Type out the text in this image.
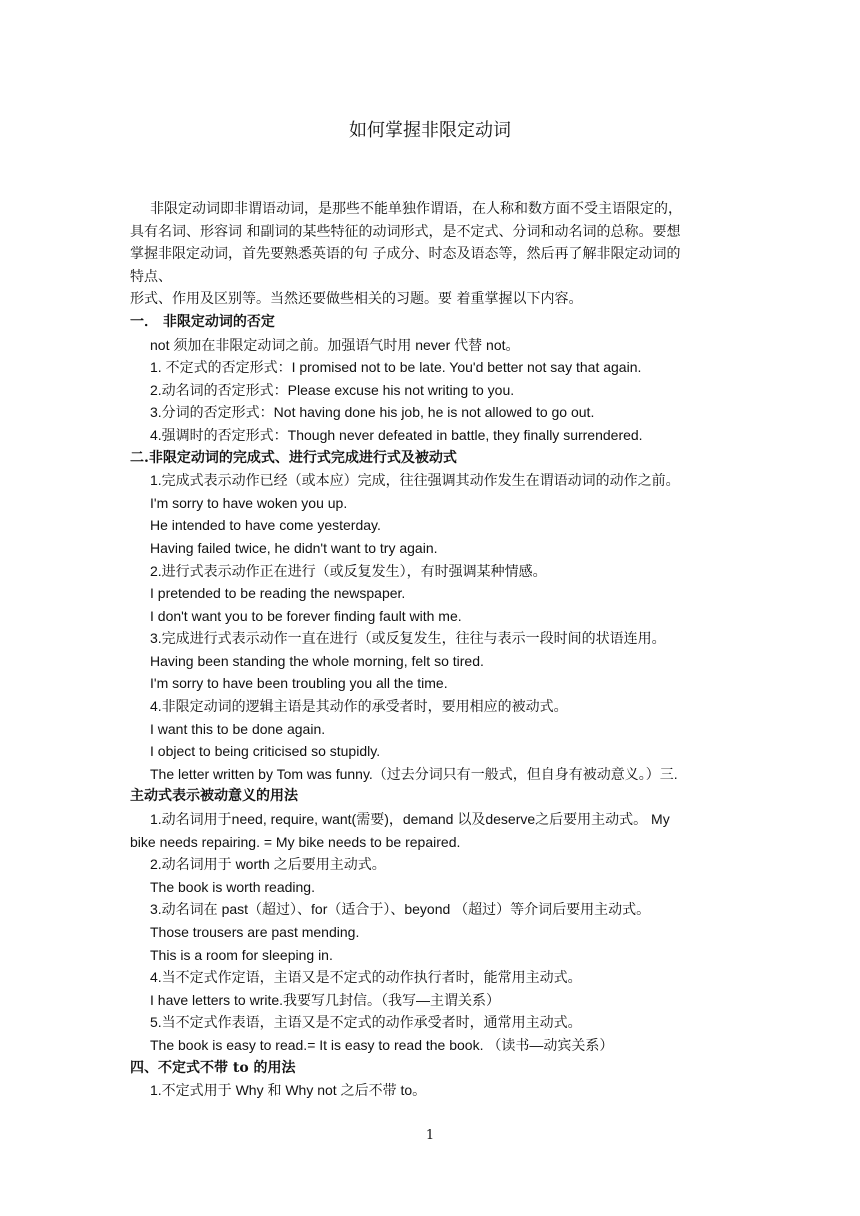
如何掌握非限定动词
非限定动词即非谓语动词，是那些不能单独作谓语，在人称和数方面不受主语限定的，
具有名词、形容词 和副词的某些特征的动词形式，是不定式、分词和动名词的总称。要想
掌握非限定动词，首先要熟悉英语的句 子成分、时态及语态等，然后再了解非限定动词的
特点、
形式、作用及区别等。当然还要做些相关的习题。要 着重掌握以下内容。
一． 非限定动词的否定
not 须加在非限定动词之前。加强语气时用 never 代替 not。
1. 不定式的否定形式：I promised not to be late. You'd better not say that again.
2.动名词的否定形式：Please excuse his not writing to you.
3.分词的否定形式：Not having done his job, he is not allowed to go out.
4.强调时的否定形式：Though never defeated in battle, they finally surrendered.
二.非限定动词的完成式、进行式完成进行式及被动式
1.完成式表示动作已经（或本应）完成，往往强调其动作发生在谓语动词的动作之前。
I'm sorry to have woken you up.
He intended to have come yesterday.
Having failed twice, he didn't want to try again.
2.进行式表示动作正在进行（或反复发生），有时强调某种情感。
I pretended to be reading the newspaper.
I don't want you to be forever finding fault with me.
3.完成进行式表示动作一直在进行（或反复发生，往往与表示一段时间的状语连用。
Having been standing the whole morning, felt so tired.
I'm sorry to have been troubling you all the time.
4.非限定动词的逻辑主语是其动作的承受者时，要用相应的被动式。
I want this to be done again.
I object to being criticised so stupidly.
The letter written by Tom was funny.（过去分词只有一般式，但自身有被动意义。）三.
主动式表示被动意义的用法
1.动名词用于need, require, want(需要)，demand 以及deserve之后要用主动式。 My
bike needs repairing. = My bike needs to be repaired.
2.动名词用于 worth 之后要用主动式。
The book is worth reading.
3.动名词在 past（超过）、for（适合于）、beyond （超过）等介词后要用主动式。
Those trousers are past mending.
This is a room for sleeping in.
4.当不定式作定语，主语又是不定式的动作执行者时，能常用主动式。
I have letters to write.我要写几封信。（我写—主谓关系）
5.当不定式作表语，主语又是不定式的动作承受者时，通常用主动式。
The book is easy to read.= It is easy to read the book. （读书—动宾关系）
四、不定式不带 to 的用法
1.不定式用于 Why 和 Why not 之后不带 to。
1
